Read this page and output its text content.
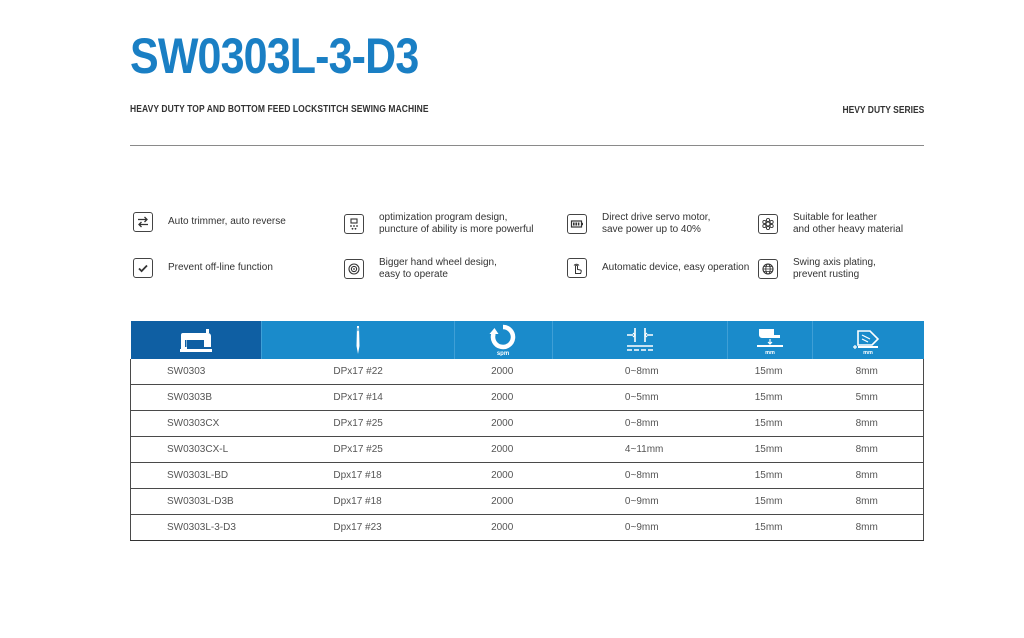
SW0303L-3-D3
HEAVY DUTY TOP AND BOTTOM FEED LOCKSTITCH SEWING MACHINE	HEVY DUTY SERIES
Auto trimmer, auto reverse	optimization program design,
puncture of ability is more powerful
Direct drive servo motor,
save power up to 40%
Suitable for leather
and other heavy material
Prevent off-line function	Bigger hand wheel design,
easy to operate
Automatic device, easy operation	Swing axis plating,
prevent rusting

spm		mm	mm

SW0303	DPx17 #22	2000	0~8mm	15mm	8mm
SW0303B	DPx17 #14	2000	0~5mm	15mm	5mm
SW0303CX	DPx17 #25	2000	0~8mm	15mm	8mm
SW0303CX-L	DPx17 #25	2000	4~11mm	15mm	8mm
SW0303L-BD	Dpx17 #18	2000	0~8mm	15mm	8mm
SW0303L-D3B	Dpx17 #18	2000	0~9mm	15mm	8mm
SW0303L-3-D3	Dpx17 #23	2000	0~9mm	15mm	8mm
